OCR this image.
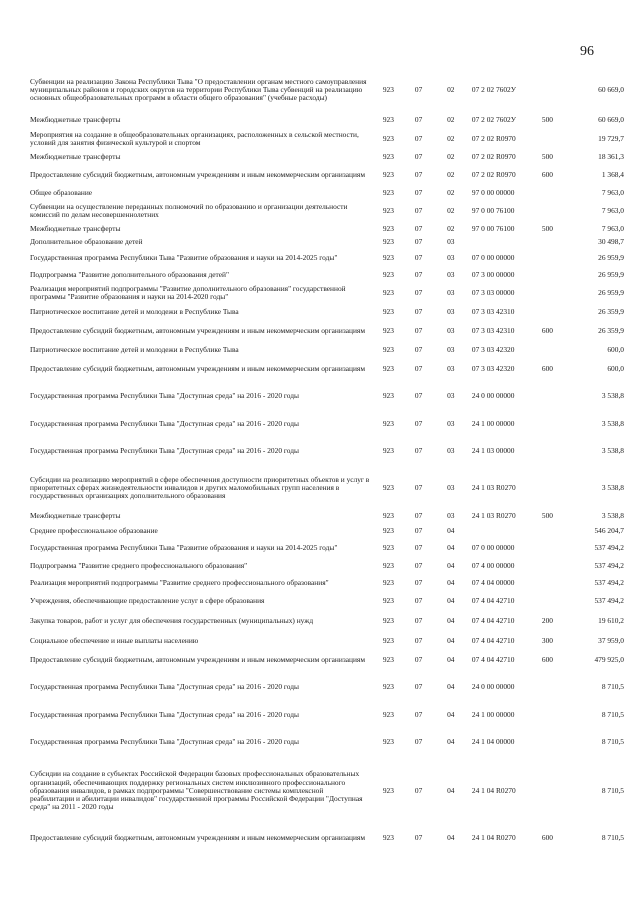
96
Субвенции на реализацию Закона Республики Тыва "О предоставлении органам местного самоуправления муниципальных районов и городских округов на территории Республики Тыва субвенций на реализацию основных общеобразовательных программ в области общего образования" (учебные расходы)	923	07	02	07 2 02 7602У		60 669,0
Межбюджетные трансферты	923	07	02	07 2 02 7602У	500	60 669,0
Мероприятия на создание в общеобразовательных организациях, расположенных в сельской местности, условий для занятия физической культурой и спортом	923	07	02	07 2 02 R0970		19 729,7
Межбюджетные трансферты	923	07	02	07 2 02 R0970	500	18 361,3
Предоставление субсидий бюджетным, автономным учреждениям и иным некоммерческим организациям	923	07	02	07 2 02 R0970	600	1 368,4
Общее образование	923	07	02	97 0 00 00000		7 963,0
Субвенции на осуществление переданных полномочий по образованию и организации деятельности комиссий по делам несовершеннолетних	923	07	02	97 0 00 76100		7 963,0
Межбюджетные трансферты	923	07	02	97 0 00 76100	500	7 963,0
Дополнительное образование детей	923	07	03			30 498,7
Государственная программа Республики Тыва "Развитие образования и науки на 2014-2025 годы"	923	07	03	07 0 00 00000		26 959,9
Подпрограмма "Развитие дополнительного образования детей"	923	07	03	07 3 00 00000		26 959,9
Реализация мероприятий подпрограммы "Развитие дополнительного образования" государственной программы "Развитие образования и науки на 2014-2020 годы"	923	07	03	07 3 03 00000		26 959,9
Патриотическое воспитание детей и молодежи в Республике Тыва	923	07	03	07 3 03 42310		26 359,9
Предоставление субсидий бюджетным, автономным учреждениям и иным некоммерческим организациям	923	07	03	07 3 03 42310	600	26 359,9
Патриотическое воспитание детей и молодежи в Республике Тыва	923	07	03	07 3 03 42320		600,0
Предоставление субсидий бюджетным, автономным учреждениям и иным некоммерческим организациям	923	07	03	07 3 03 42320	600	600,0
Государственная программа Республики Тыва "Доступная среда" на 2016 - 2020 годы	923	07	03	24 0 00 00000		3 538,8
Государственная программа Республики Тыва "Доступная среда" на 2016 - 2020 годы	923	07	03	24 1 00 00000		3 538,8
Государственная программа Республики Тыва "Доступная среда" на 2016 - 2020 годы	923	07	03	24 1 03 00000		3 538,8
Субсидии на реализацию мероприятий в сфере обеспечения доступности приоритетных объектов и услуг в приоритетных сферах жизнедеятельности инвалидов и других маломобильных групп населения в государственных организациях дополнительного образования	923	07	03	24 1 03 R0270		3 538,8
Межбюджетные трансферты	923	07	03	24 1 03 R0270	500	3 538,8
Среднее профессиональное образование	923	07	04			546 204,7
Государственная программа Республики Тыва "Развитие образования и науки на 2014-2025 годы"	923	07	04	07 0 00 00000		537 494,2
Подпрограмма "Развитие среднего профессионального образования"	923	07	04	07 4 00 00000		537 494,2
Реализация мероприятий подпрограммы "Развитие среднего профессионального образования"	923	07	04	07 4 04 00000		537 494,2
Учреждения, обеспечивающие предоставление услуг в сфере образования	923	07	04	07 4 04 42710		537 494,2
Закупка товаров, работ и услуг для обеспечения государственных (муниципальных) нужд	923	07	04	07 4 04 42710	200	19 610,2
Социальное обеспечение и иные выплаты населению	923	07	04	07 4 04 42710	300	37 959,0
Предоставление субсидий бюджетным, автономным учреждениям и иным некоммерческим организациям	923	07	04	07 4 04 42710	600	479 925,0
Государственная программа Республики Тыва "Доступная среда" на 2016 - 2020 годы	923	07	04	24 0 00 00000		8 710,5
Государственная программа Республики Тыва "Доступная среда" на 2016 - 2020 годы	923	07	04	24 1 00 00000		8 710,5
Государственная программа Республики Тыва "Доступная среда" на 2016 - 2020 годы	923	07	04	24 1 04 00000		8 710,5
Субсидии на создание в субъектах Российской Федерации базовых профессиональных образовательных организаций, обеспечивающих поддержку региональных систем инклюзивного профессионального образования инвалидов, в рамках подпрограммы "Совершенствование системы комплексной реабилитации и абилитации инвалидов" государственной программы Российской Федерации "Доступная среда" на 2011 - 2020 годы	923	07	04	24 1 04 R0270		8 710,5
Предоставление субсидий бюджетным, автономным учреждениям и иным некоммерческим организациям	923	07	04	24 1 04 R0270	600	8 710,5
